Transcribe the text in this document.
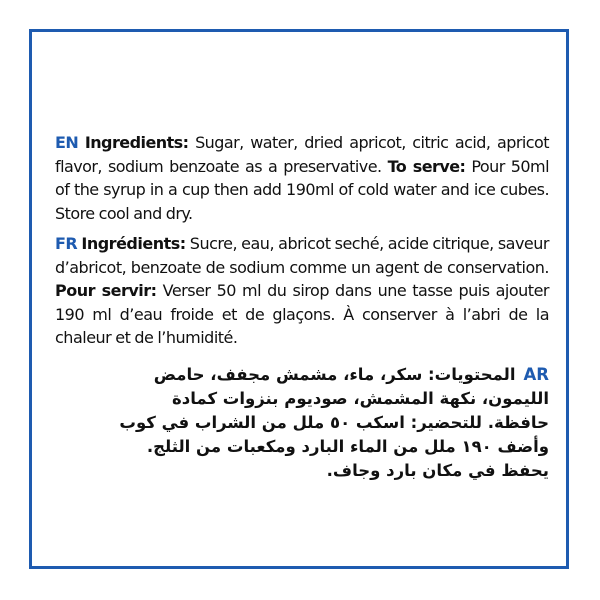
EN Ingredients: Sugar, water, dried apricot, citric acid, apricot flavor, sodium benzoate as a preservative. To serve: Pour 50ml of the syrup in a cup then add 190ml of cold water and ice cubes. Store cool and dry.

FR Ingrédients: Sucre, eau, abricot seché, acide citrique, saveur d’abricot, benzoate de sodium comme un agent de conservation. Pour servir: Verser 50 ml du sirop dans une tasse puis ajouter 190 ml d’eau froide et de glaçons. À conserver à l’abri de la chaleur et de l’humidité.

ARالمحتويات: سكر، ماء، مشمش مجفف، حامض
الليمون، نكهة المشمش، صوديوم بنزوات كمادة
حافظة. للتحضير: اسكب ٥٠ ملل من الشراب في كوب
وأضف ١٩٠ ملل من الماء البارد ومكعبات من الثلج.
يحفظ في مكان بارد وجاف.
